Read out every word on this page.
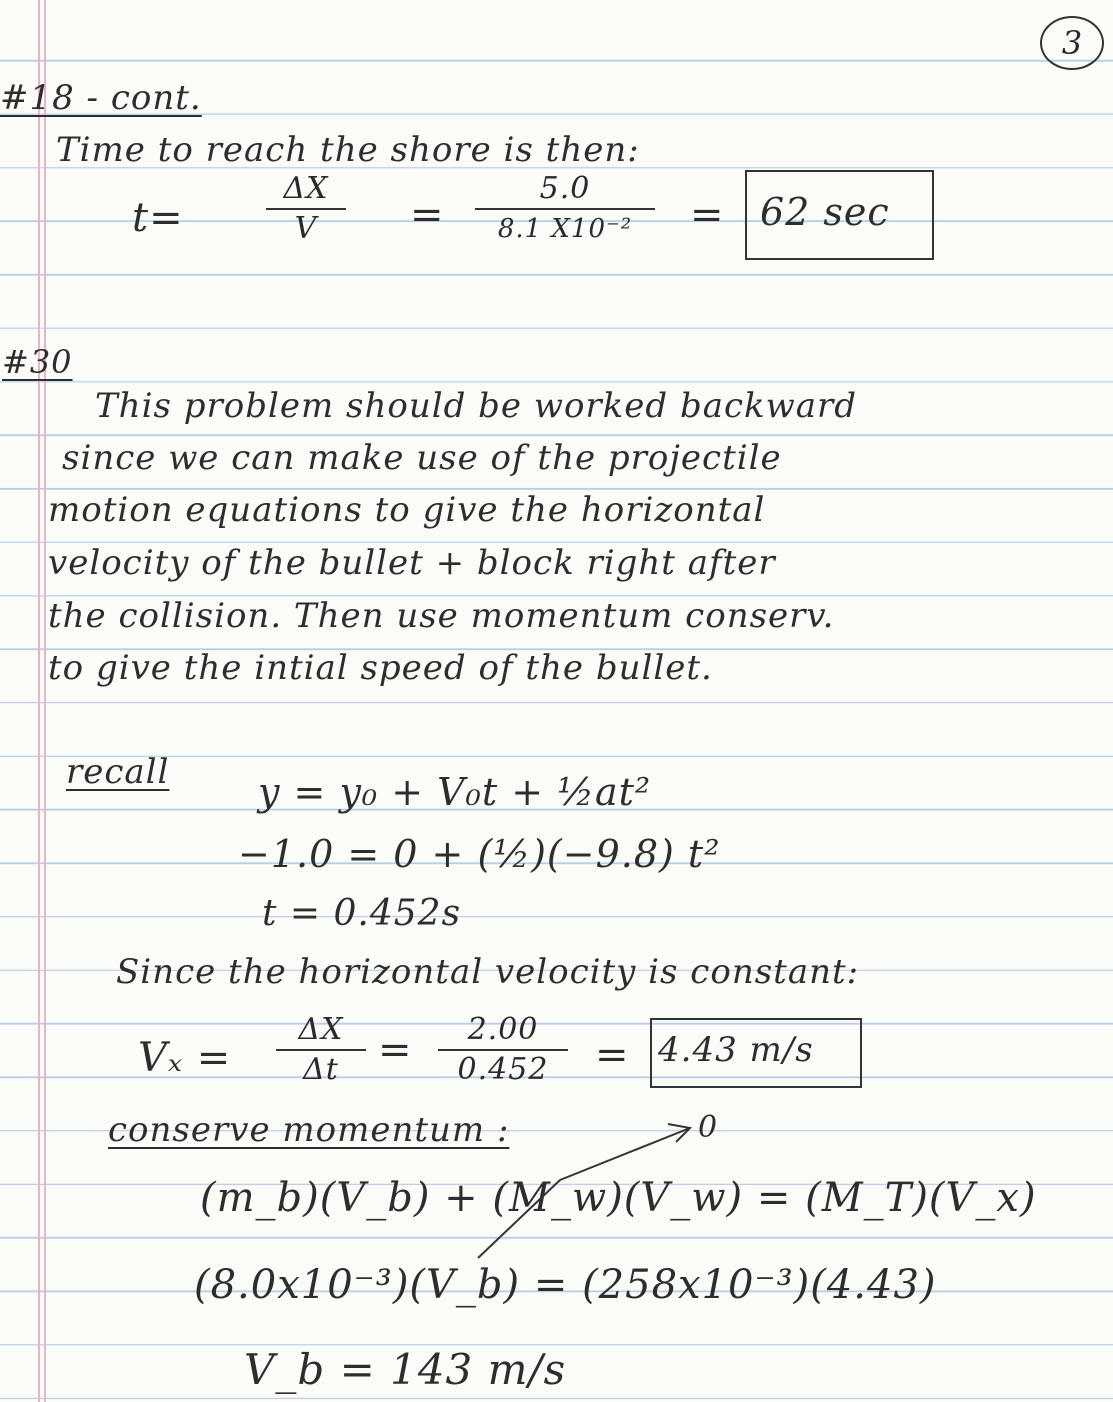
3
#18 - cont.
Time to reach the shore is then:
t=
ΔX
V	=
5.0
8.1 X10⁻²	= 62 sec
#30
This problem should be worked backward
since we can make use of the projectile
motion equations to give the horizontal
velocity of the bullet + block right after
the collision. Then use momentum conserv.
to give the intial speed of the bullet.
recall y = y₀ + V₀t + ½at²
−1.0 = 0 + (½)(−9.8) t²
t = 0.452s
Since the horizontal velocity is constant:
Vₓ =
ΔX
Δt =	2.00
0.452	= 4.43 m/s
conserve momentum :	0
(m_b)(V_b) + (M_w)(V_w) = (M_T)(V_x)
(8.0x10⁻³)(V_b) = (258x10⁻³)(4.43)
V_b = 143 m/s
